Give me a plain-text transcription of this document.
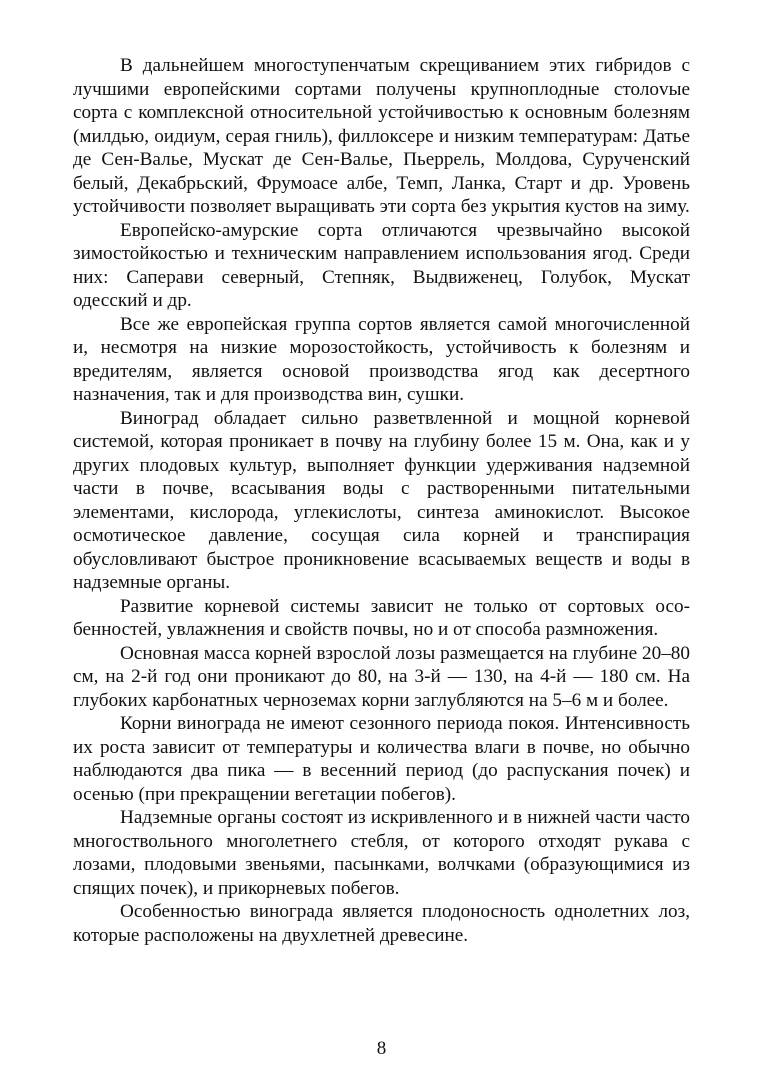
В дальнейшем многоступенчатым скрещиванием этих гибридов с лучшими европейскими сортами получены крупноплодные столоvые сорта с комплексной относительной устойчивостью к основным болезням (милдью, оидиум, серая гниль), филлоксере и низким температурам: Датье де Сен-Валье, Мускат де Сен-Валье, Пьеррель, Молдова, Сурученский белый, Декабрьский, Фрумоасе албе, Темп, Ланка, Старт и др. Уровень устойчивости позволяет выращивать эти сорта без укрытия кустов на зиму.

Европейско-амурские сорта отличаются чрезвычайно высокой зимостойкостью и техническим направлением использования ягод. Среди них: Саперави северный, Степняк, Выдвиженец, Голубок, Мускат одесский и др.

Все же европейская группа сортов является самой многочисленной и, несмотря на низкие морозостойкость, устойчивость к болезням и вредителям, является основой производства ягод как десертного назначения, так и для производства вин, сушки.

Виноград обладает сильно разветвленной и мощной корневой системой, которая проникает в почву на глубину более 15 м. Она, как и у других плодовых культур, выполняет функции удерживания надземной части в почве, всасывания воды с растворенными питательными элементами, кислорода, углекислоты, синтеза аминокислот. Высокое осмотическое давление, сосущая сила корней и транспирация обусловливают быстрое проникновение всасываемых веществ и воды в надземные органы.

Развитие корневой системы зависит не только от сортовых особенностей, увлажнения и свойств почвы, но и от способа размножения.

Основная масса корней взрослой лозы размещается на глубине 20–80 см, на 2-й год они проникают до 80, на 3-й — 130, на 4-й — 180 см. На глубоких карбонатных черноземах корни заглубляются на 5–6 м и более.

Корни винограда не имеют сезонного периода покоя. Интенсивность их роста зависит от температуры и количества влаги в почве, но обычно наблюдаются два пика — в весенний период (до распускания почек) и осенью (при прекращении вегетации побегов).

Надземные органы состоят из искривленного и в нижней части часто многоствольного многолетнего стебля, от которого отходят рукава с лозами, плодовыми звеньями, пасынками, волчками (образующимися из спящих почек), и прикорневых побегов.

Особенностью винограда является плодоносность однолетних лоз, которые расположены на двухлетней древесине.

8
